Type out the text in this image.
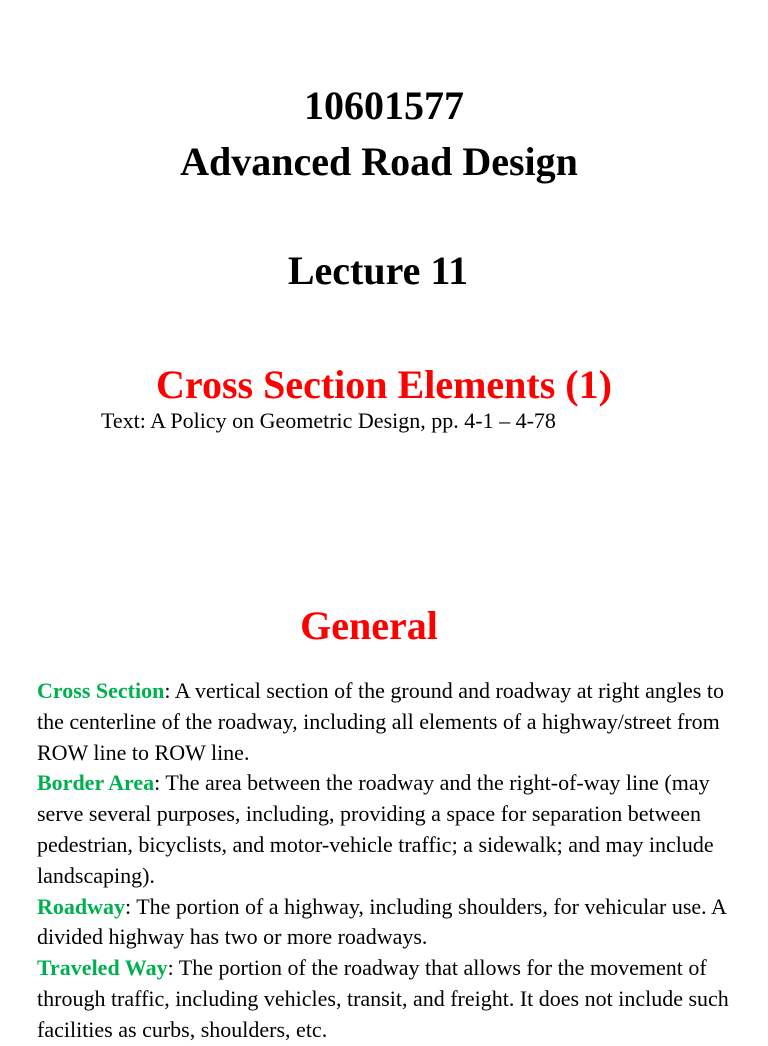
10601577
Advanced Road Design
Lecture 11
Cross Section Elements (1)
Text: A Policy on Geometric Design, pp. 4-1 – 4-78
General

Cross Section: A vertical section of the ground and roadway at right angles to the centerline of the roadway, including all elements of a highway/street from ROW line to ROW line.

Border Area: The area between the roadway and the right-of-way line (may serve several purposes, including, providing a space for separation between pedestrian, bicyclists, and motor-vehicle traffic; a sidewalk; and may include landscaping).

Roadway: The portion of a highway, including shoulders, for vehicular use. A divided highway has two or more roadways.

Traveled Way: The portion of the roadway that allows for the movement of through traffic, including vehicles, transit, and freight. It does not include such facilities as curbs, shoulders, etc.
